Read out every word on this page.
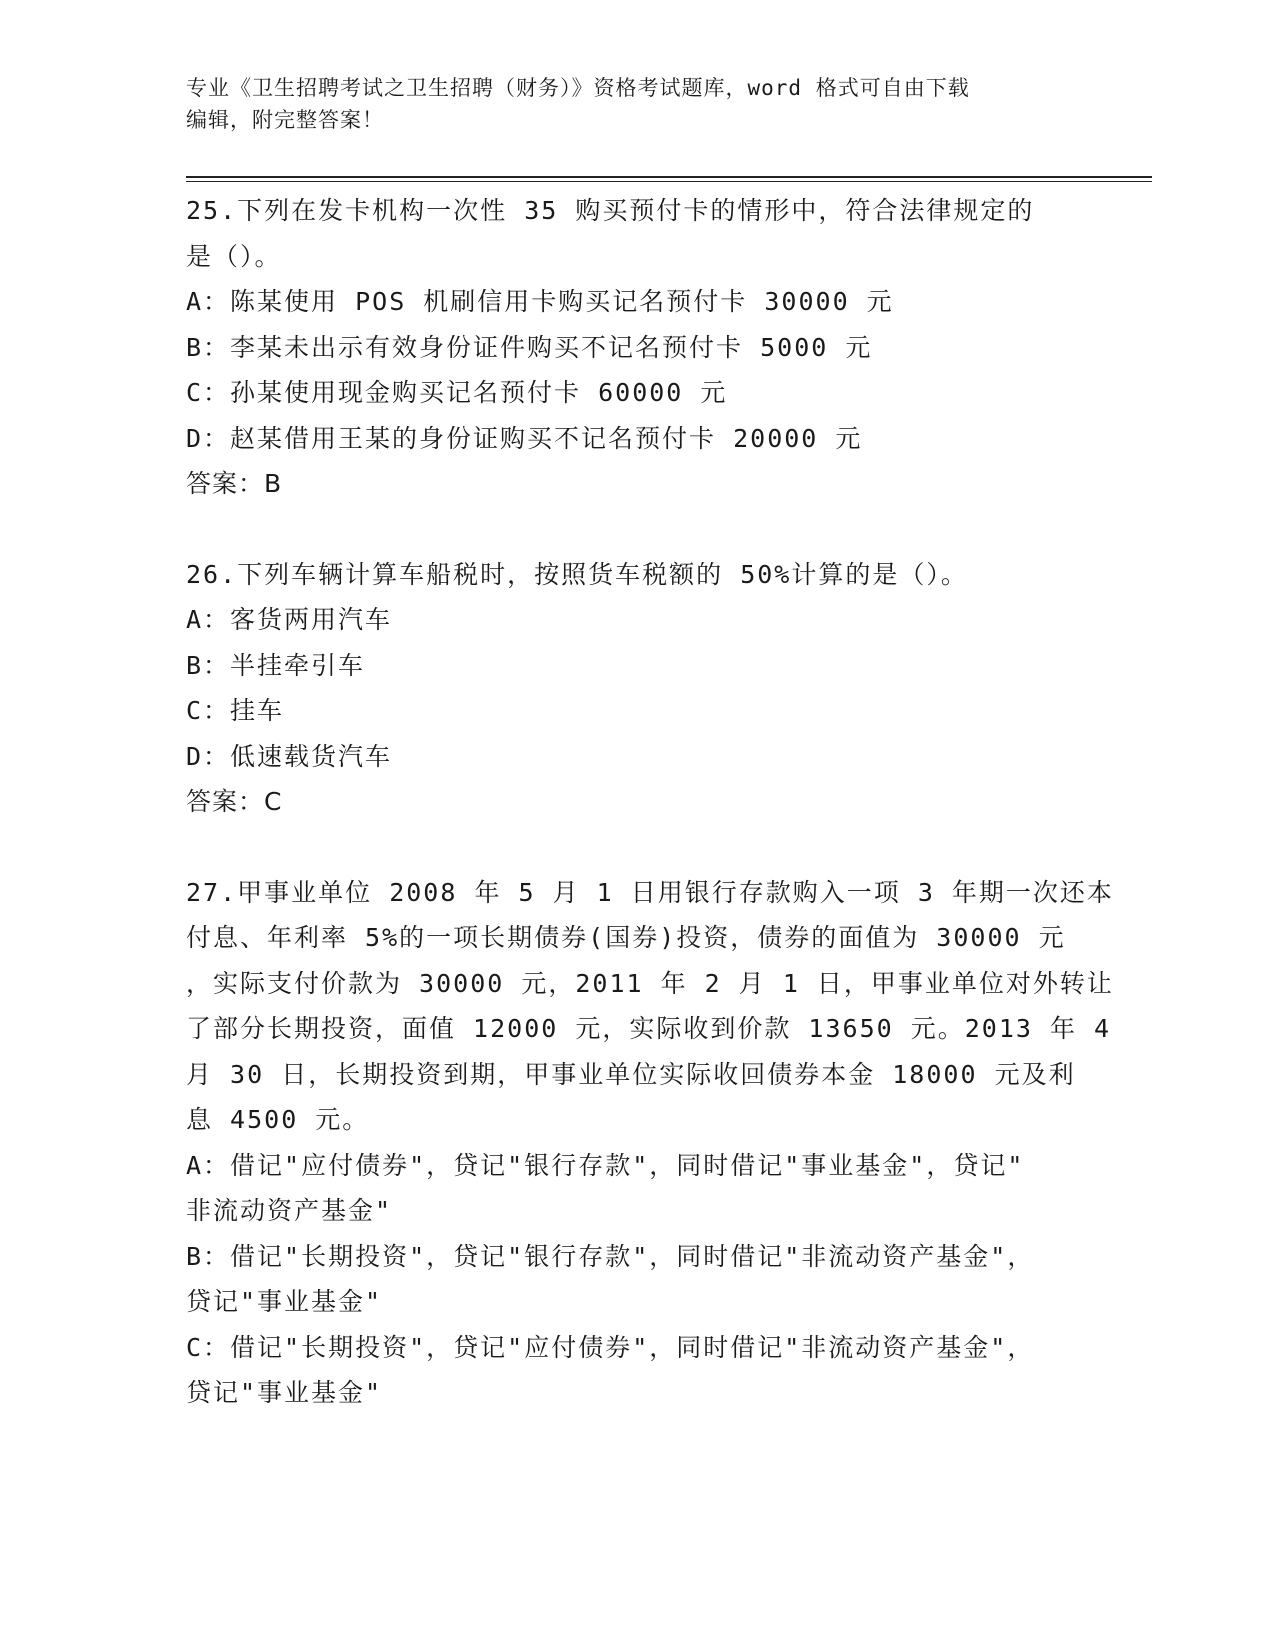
专业《卫生招聘考试之卫生招聘（财务）》资格考试题库，word 格式可自由下载
编辑，附完整答案！
25.下列在发卡机构一次性 35 购买预付卡的情形中，符合法律规定的
是（）。
A：陈某使用 POS 机刷信用卡购买记名预付卡 30000 元
B：李某未出示有效身份证件购买不记名预付卡 5000 元
C：孙某使用现金购买记名预付卡 60000 元
D：赵某借用王某的身份证购买不记名预付卡 20000 元
答案：B
26.下列车辆计算车船税时，按照货车税额的 50%计算的是（）。
A：客货两用汽车
B：半挂牵引车
C：挂车
D：低速载货汽车
答案：C
27.甲事业单位 2008 年 5 月 1 日用银行存款购入一项 3 年期一次还本
付息、年利率 5%的一项长期债券(国券)投资，债券的面值为 30000 元
，实际支付价款为 30000 元，2011 年 2 月 1 日，甲事业单位对外转让
了部分长期投资，面值 12000 元，实际收到价款 13650 元。2013 年 4
月 30 日，长期投资到期，甲事业单位实际收回债券本金 18000 元及利
息 4500 元。
A：借记"应付债券"，贷记"银行存款"，同时借记"事业基金"，贷记"
非流动资产基金"
B：借记"长期投资"，贷记"银行存款"，同时借记"非流动资产基金"，
贷记"事业基金"
C：借记"长期投资"，贷记"应付债券"，同时借记"非流动资产基金"，
贷记"事业基金"
